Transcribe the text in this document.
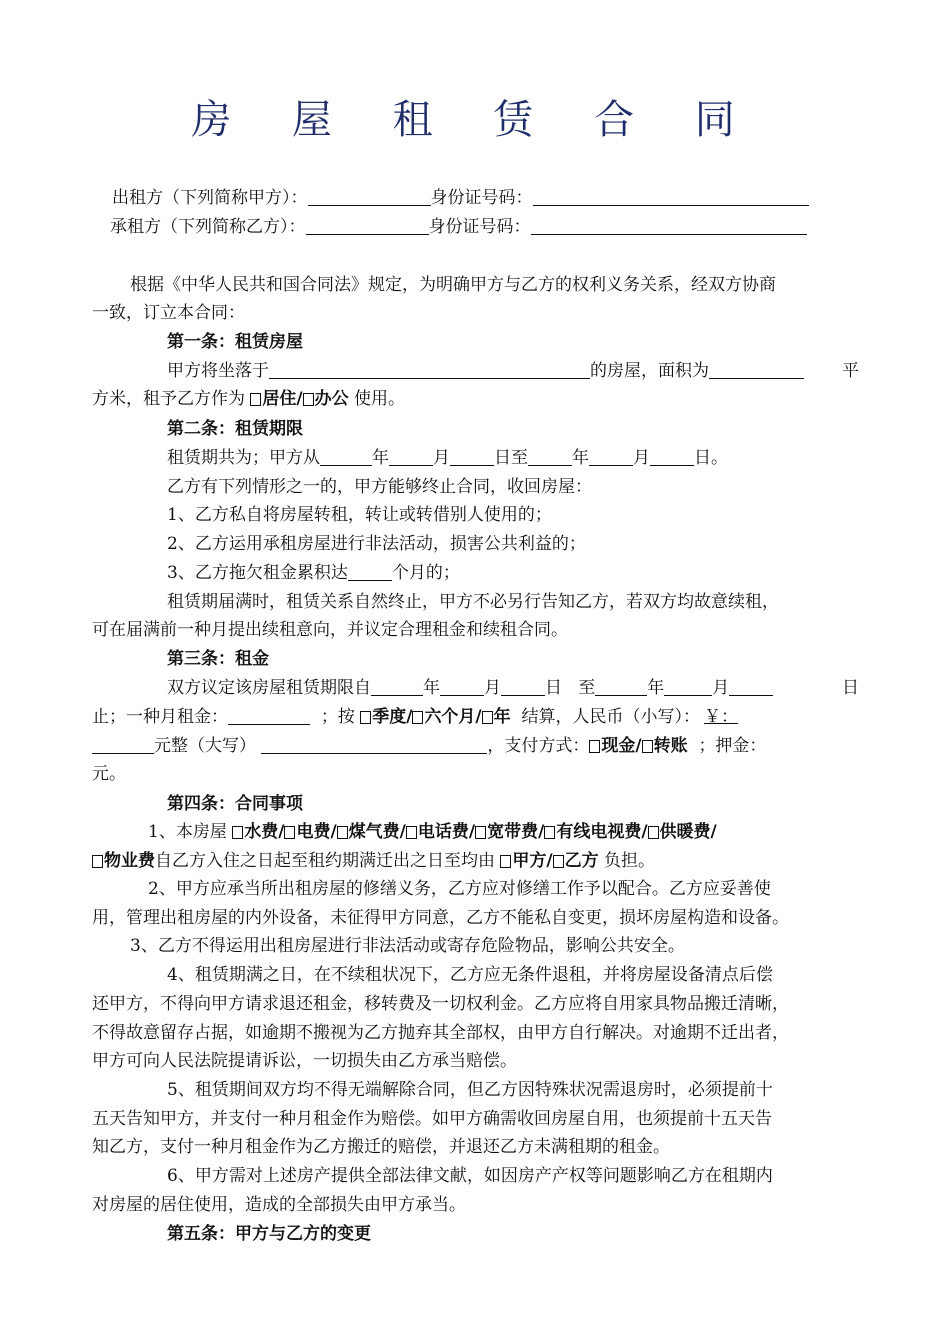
房 屋 租 赁 合 同
出租方（下列简称甲方）：	身份证号码：
承租方（下列简称乙方）：	身份证号码：
根据《中华人民共和国合同法》规定，为明确甲方与乙方的权利义务关系，经双方协商
一致，订立本合同：
第一条：租赁房屋
甲方将坐落于	的房屋，面积为	平
方米，租予乙方作为 居住/ 办公 使用。
第二条：租赁期限
租赁期共为；甲方从	年	月	日至	年	月	日。
乙方有下列情形之一的，甲方能够终止合同，收回房屋：
1、乙方私自将房屋转租，转让或转借别人使用的；
2、乙方运用承租房屋进行非法活动，损害公共利益的；
3、乙方拖欠租金累积达	个月的；
租赁期届满时，租赁关系自然终止，甲方不必另行告知乙方，若双方均故意续租，
可在届满前一种月提出续租意向，并议定合理租金和续租合同。
第三条：租金
双方议定该房屋租赁期限自	年	月	日 至	年	月	日
止；一种月租金：	；按 季度/ 六个月/ 年 结算，人民币（小写）： ￥：
元整（大写）	，支付方式： 现金/ 转账 ；押金：
元。
第四条：合同事项
1、本房屋 水费/ 电费/ 煤气费/ 电话费/ 宽带费/ 有线电视费/ 供暖费/
物业费自乙方入住之日起至租约期满迁出之日至均由 甲方/ 乙方 负担。
2、甲方应承当所出租房屋的修缮义务，乙方应对修缮工作予以配合。乙方应妥善使
用，管理出租房屋的内外设备，未征得甲方同意，乙方不能私自变更，损坏房屋构造和设备。
3、乙方不得运用出租房屋进行非法活动或寄存危险物品，影响公共安全。
4、租赁期满之日，在不续租状况下，乙方应无条件退租，并将房屋设备清点后偿
还甲方，不得向甲方请求退还租金，移转费及一切权利金。乙方应将自用家具物品搬迁清晰，
不得故意留存占据，如逾期不搬视为乙方抛弃其全部权，由甲方自行解决。对逾期不迁出者，
甲方可向人民法院提请诉讼，一切损失由乙方承当赔偿。
5、租赁期间双方均不得无端解除合同，但乙方因特殊状况需退房时，必须提前十
五天告知甲方，并支付一种月租金作为赔偿。如甲方确需收回房屋自用，也须提前十五天告
知乙方，支付一种月租金作为乙方搬迁的赔偿，并退还乙方未满租期的租金。
6、甲方需对上述房产提供全部法律文献，如因房产产权等问题影响乙方在租期内
对房屋的居住使用，造成的全部损失由甲方承当。
第五条：甲方与乙方的变更
